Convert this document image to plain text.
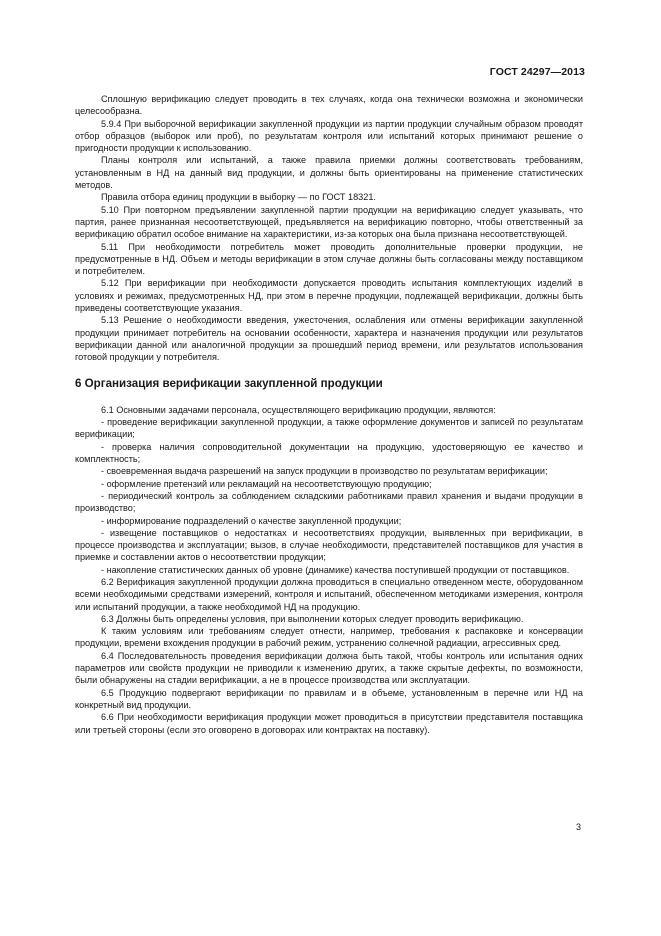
ГОСТ 24297—2013

Сплошную верификацию следует проводить в тех случаях, когда она технически возможна и экономически целесообразна.

5.9.4 При выборочной верификации закупленной продукции из партии продукции случайным образом проводят отбор образцов (выборок или проб), по результатам контроля или испытаний которых принимают решение о пригодности продукции к использованию.

Планы контроля или испытаний, а также правила приемки должны соответствовать требованиям, установленным в НД на данный вид продукции, и должны быть ориентированы на применение статистических методов.

Правила отбора единиц продукции в выборку — по ГОСТ 18321.

5.10 При повторном предъявлении закупленной партии продукции на верификацию следует указывать, что партия, ранее признанная несоответствующей, предъявляется на верификацию повторно, чтобы ответственный за верификацию обратил особое внимание на характеристики, из-за которых она была признана несоответствующей.

5.11 При необходимости потребитель может проводить дополнительные проверки продукции, не предусмотренные в НД. Объем и методы верификации в этом случае должны быть согласованы между поставщиком и потребителем.

5.12 При верификации при необходимости допускается проводить испытания комплектующих изделий в условиях и режимах, предусмотренных НД, при этом в перечне продукции, подлежащей верификации, должны быть приведены соответствующие указания.

5.13 Решение о необходимости введения, ужесточения, ослабления или отмены верификации закупленной продукции принимает потребитель на основании особенности, характера и назначения продукции или результатов верификации данной или аналогичной продукции за прошедший период времени, или результатов использования готовой продукции у потребителя.

6 Организация верификации закупленной продукции

6.1 Основными задачами персонала, осуществляющего верификацию продукции, являются:

- проведение верификации закупленной продукции, а также оформление документов и записей по результатам верификации;

- проверка наличия сопроводительной документации на продукцию, удостоверяющую ее качество и комплектность;

- своевременная выдача разрешений на запуск продукции в производство по результатам верификации;

- оформление претензий или рекламаций на несоответствующую продукцию;

- периодический контроль за соблюдением складскими работниками правил хранения и выдачи продукции в производство;

- информирование подразделений о качестве закупленной продукции;

- извещение поставщиков о недостатках и несоответствиях продукции, выявленных при верификации, в процессе производства и эксплуатации; вызов, в случае необходимости, представителей поставщиков для участия в приемке и составлении актов о несоответствии продукции;

- накопление статистических данных об уровне (динамике) качества поступившей продукции от поставщиков.

6.2 Верификация закупленной продукции должна проводиться в специально отведенном месте, оборудованном всеми необходимыми средствами измерений, контроля и испытаний, обеспеченном методиками измерения, контроля или испытаний продукции, а также необходимой НД на продукцию.

6.3 Должны быть определены условия, при выполнении которых следует проводить верификацию.

К таким условиям или требованиям следует отнести, например, требования к распаковке и консервации продукции, времени вхождения продукции в рабочий режим, устранению солнечной радиации, агрессивных сред.

6.4 Последовательность проведения верификации должна быть такой, чтобы контроль или испытания одних параметров или свойств продукции не приводили к изменению других, а также скрытые дефекты, по возможности, были обнаружены на стадии верификации, а не в процессе производства или эксплуатации.

6.5 Продукцию подвергают верификации по правилам и в объеме, установленным в перечне или НД на конкретный вид продукции.

6.6 При необходимости верификация продукции может проводиться в присутствии представителя поставщика или третьей стороны (если это оговорено в договорах или контрактах на поставку).

3
